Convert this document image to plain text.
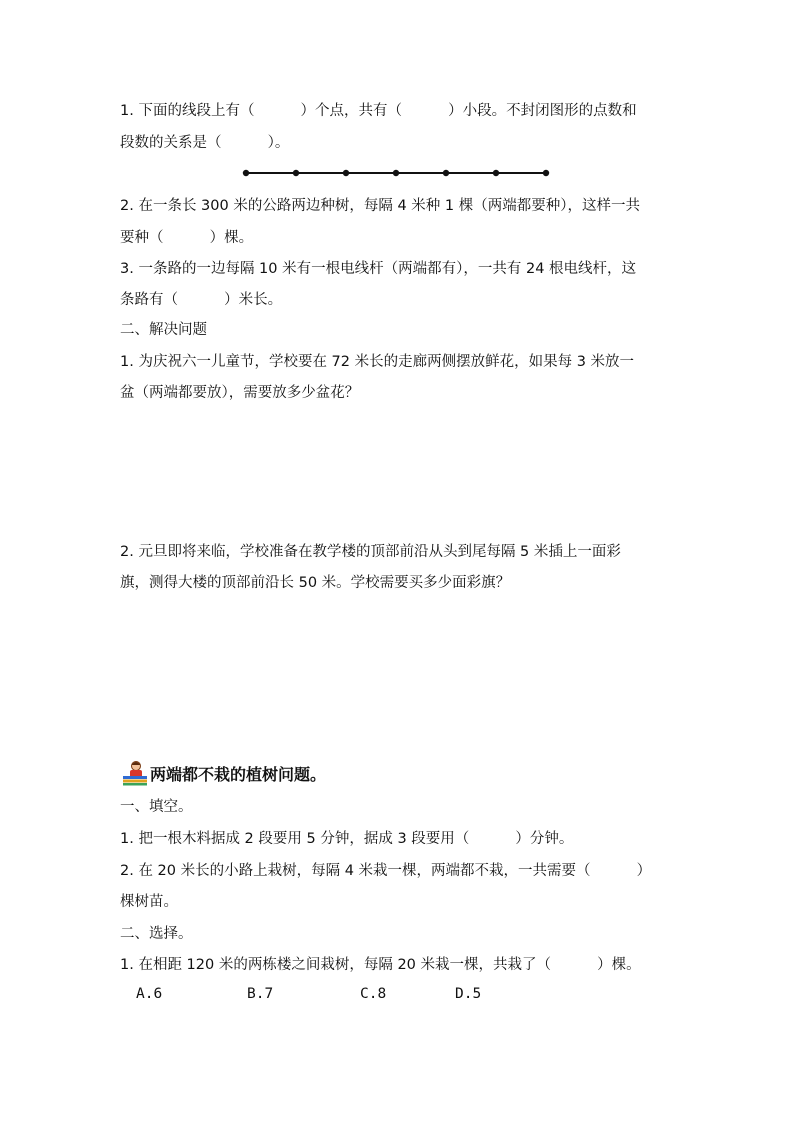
1. 下面的线段上有（          ）个点，共有（          ）小段。不封闭图形的点数和
段数的关系是（          ）。
2. 在一条长 300 米的公路两边种树，每隔 4 米种 1 棵（两端都要种），这样一共
要种（          ）棵。
3. 一条路的一边每隔 10 米有一根电线杆（两端都有），一共有 24 根电线杆，这
条路有（          ）米长。
二、解决问题
1. 为庆祝六一儿童节，学校要在 72 米长的走廊两侧摆放鲜花，如果每 3 米放一
盆（两端都要放），需要放多少盆花？
2. 元旦即将来临，学校准备在教学楼的顶部前沿从头到尾每隔 5 米插上一面彩
旗，测得大楼的顶部前沿长 50 米。学校需要买多少面彩旗？
两端都不栽的植树问题。
一、填空。
1. 把一根木料据成 2 段要用 5 分钟，据成 3 段要用（          ）分钟。
2. 在 20 米长的小路上栽树，每隔 4 米栽一棵，两端都不栽，一共需要（          ）
棵树苗。
二、选择。
1. 在相距 120 米的两栋楼之间栽树，每隔 20 米栽一棵，共栽了（          ）棵。
A.6	B.7	C.8	D.5
